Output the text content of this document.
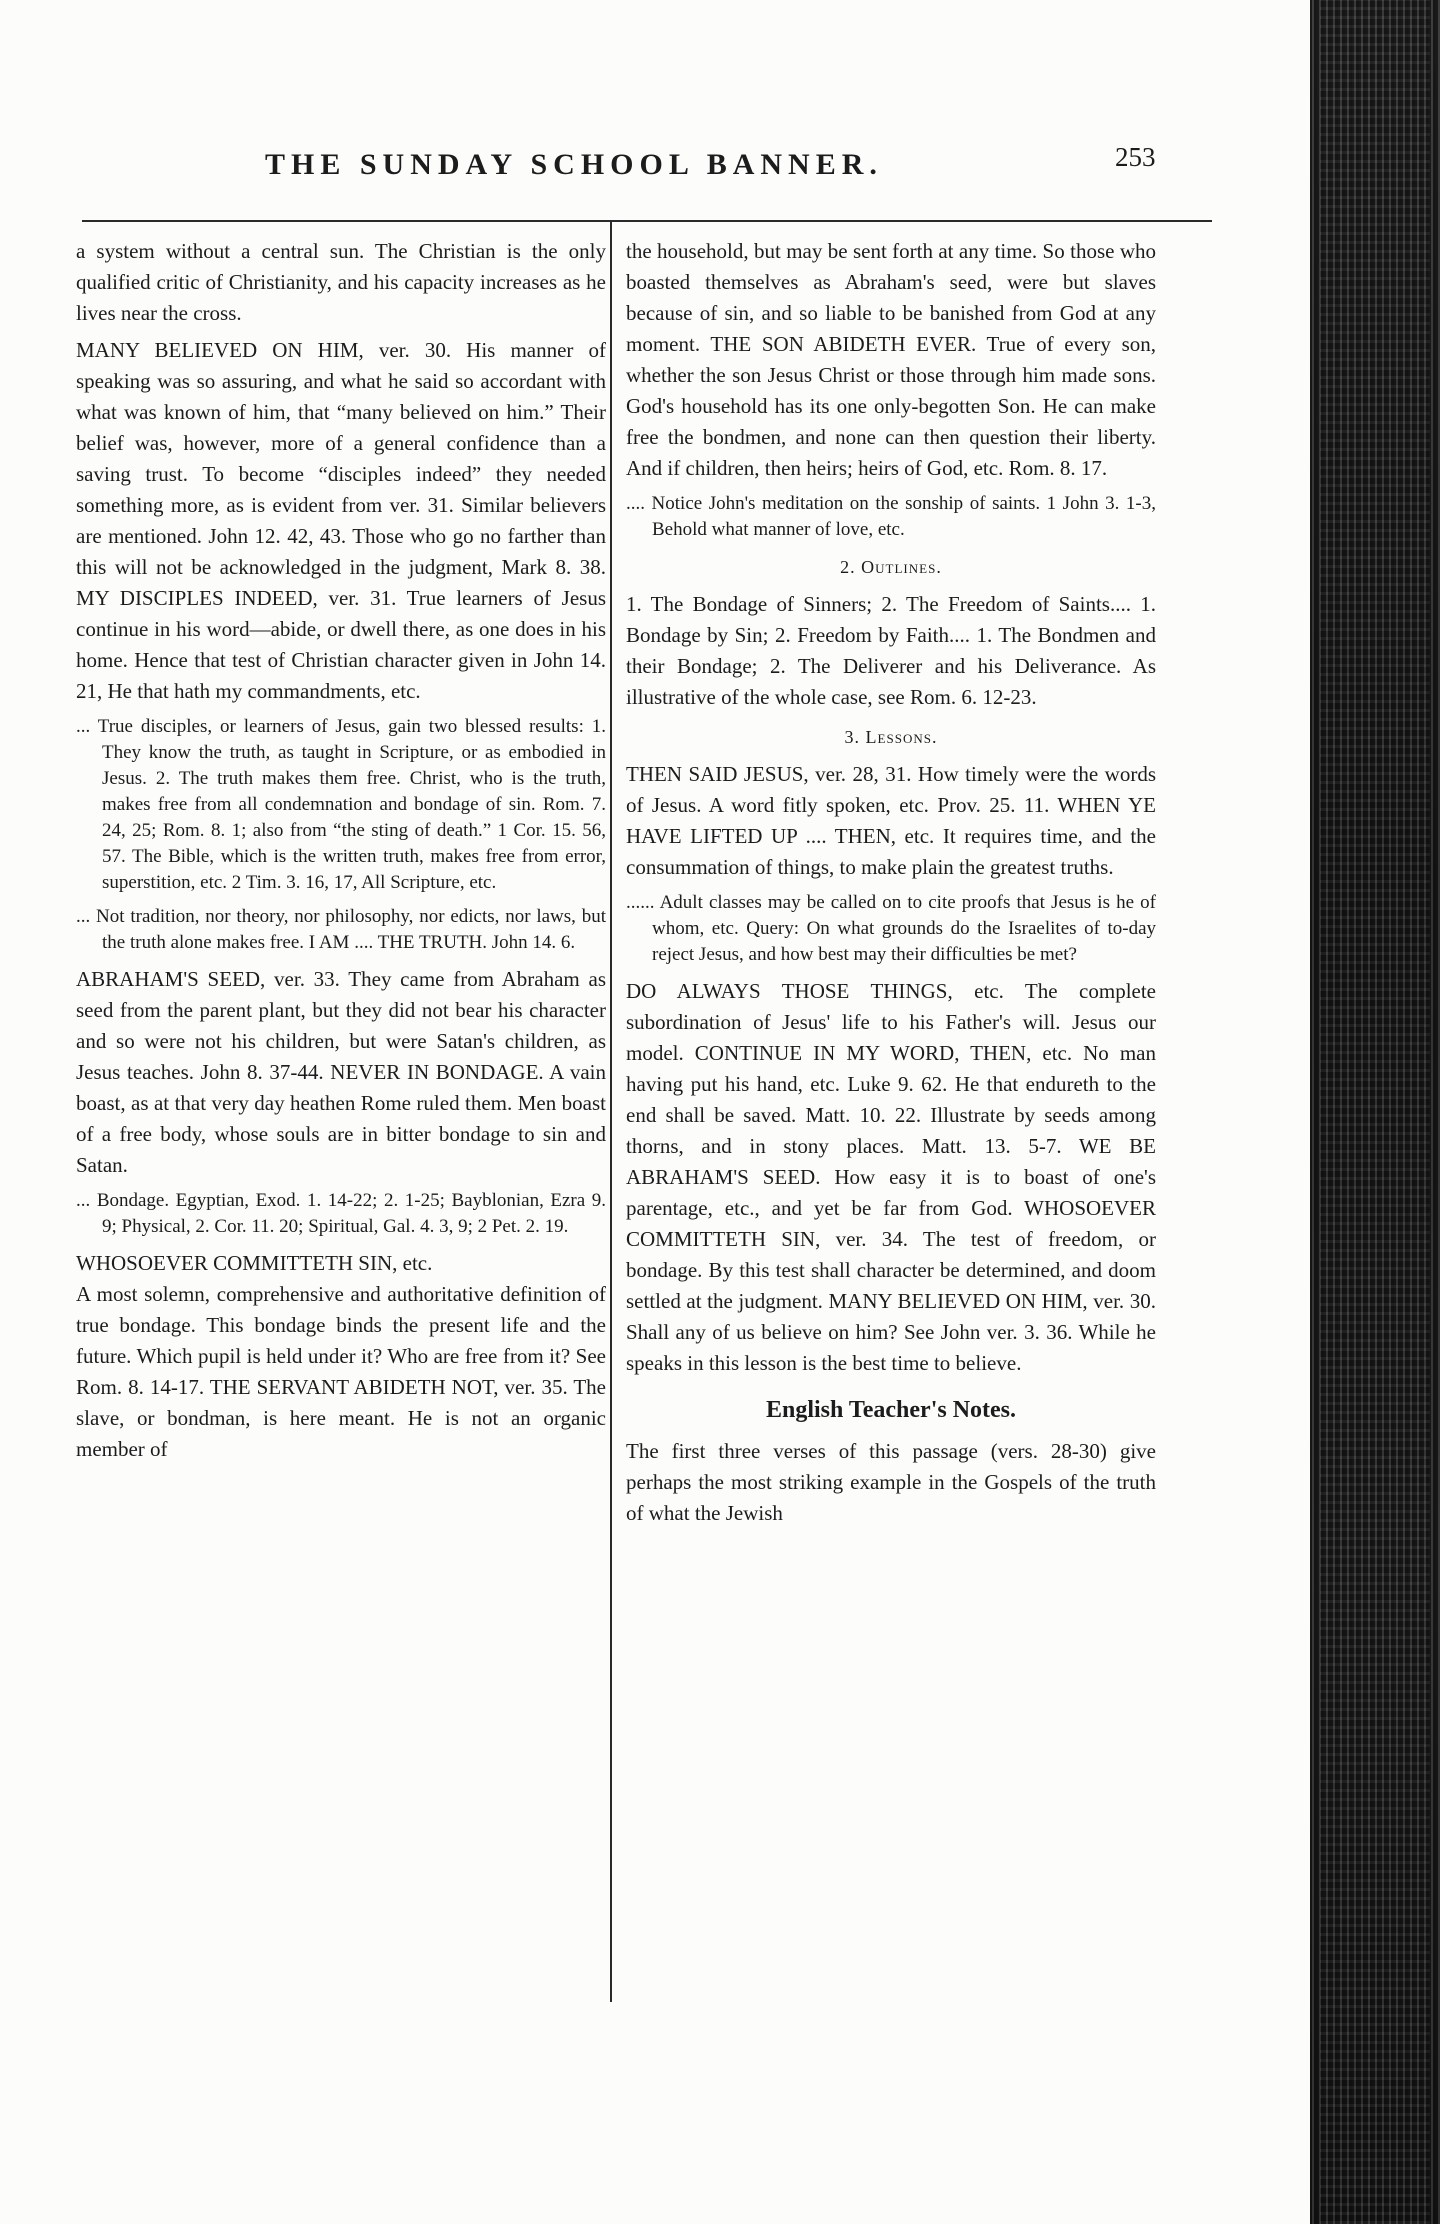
THE SUNDAY SCHOOL BANNER.	253

a system without a central sun. The Christian is the only qualified critic of Christianity, and his capacity increases as he lives near the cross.

MANY BELIEVED ON HIM, ver. 30. His manner of speaking was so assuring, and what he said so accordant with what was known of him, that “many believed on him.” Their belief was, however, more of a general confidence than a saving trust. To become “disciples indeed” they needed something more, as is evident from ver. 31. Similar believers are mentioned. John 12. 42, 43. Those who go no farther than this will not be acknowledged in the judgment, Mark 8. 38. MY DISCIPLES INDEED, ver. 31. True learners of Jesus continue in his word—abide, or dwell there, as one does in his home. Hence that test of Christian character given in John 14. 21, He that hath my commandments, etc.

... True disciples, or learners of Jesus, gain two blessed results: 1. They know the truth, as taught in Scripture, or as embodied in Jesus. 2. The truth makes them free. Christ, who is the truth, makes free from all condemnation and bondage of sin. Rom. 7. 24, 25; Rom. 8. 1; also from “the sting of death.” 1 Cor. 15. 56, 57. The Bible, which is the written truth, makes free from error, superstition, etc. 2 Tim. 3. 16, 17, All Scripture, etc.

... Not tradition, nor theory, nor philosophy, nor edicts, nor laws, but the truth alone makes free. I AM .... THE TRUTH. John 14. 6.

ABRAHAM'S SEED, ver. 33. They came from Abraham as seed from the parent plant, but they did not bear his character and so were not his children, but were Satan's children, as Jesus teaches. John 8. 37-44. NEVER IN BONDAGE. A vain boast, as at that very day heathen Rome ruled them. Men boast of a free body, whose souls are in bitter bondage to sin and Satan.

... Bondage. Egyptian, Exod. 1. 14-22; 2. 1-25; Bayblonian, Ezra 9. 9; Physical, 2. Cor. 11. 20; Spiritual, Gal. 4. 3, 9; 2 Pet. 2. 19.

WHOSOEVER COMMITTETH SIN, etc.

A most solemn, comprehensive and authoritative definition of true bondage. This bondage binds the present life and the future. Which pupil is held under it? Who are free from it? See Rom. 8. 14-17. THE SERVANT ABIDETH NOT, ver. 35. The slave, or bondman, is here meant. He is not an organic member of

the household, but may be sent forth at any time. So those who boasted themselves as Abraham's seed, were but slaves because of sin, and so liable to be banished from God at any moment. THE SON ABIDETH EVER. True of every son, whether the son Jesus Christ or those through him made sons. God's household has its one only-begotten Son. He can make free the bondmen, and none can then question their liberty. And if children, then heirs; heirs of God, etc. Rom. 8. 17.

.... Notice John's meditation on the sonship of saints. 1 John 3. 1-3, Behold what manner of love, etc.

2. Outlines.

1. The Bondage of Sinners; 2. The Freedom of Saints.... 1. Bondage by Sin; 2. Freedom by Faith.... 1. The Bondmen and their Bondage; 2. The Deliverer and his Deliverance. As illustrative of the whole case, see Rom. 6. 12-23.

3. Lessons.

THEN SAID JESUS, ver. 28, 31. How timely were the words of Jesus. A word fitly spoken, etc. Prov. 25. 11. WHEN YE HAVE LIFTED UP .... THEN, etc. It requires time, and the consummation of things, to make plain the greatest truths.

...... Adult classes may be called on to cite proofs that Jesus is he of whom, etc. Query: On what grounds do the Israelites of to-day reject Jesus, and how best may their difficulties be met?

DO ALWAYS THOSE THINGS, etc. The complete subordination of Jesus' life to his Father's will. Jesus our model. CONTINUE IN MY WORD, THEN, etc. No man having put his hand, etc. Luke 9. 62. He that endureth to the end shall be saved. Matt. 10. 22. Illustrate by seeds among thorns, and in stony places. Matt. 13. 5-7. WE BE ABRAHAM'S SEED. How easy it is to boast of one's parentage, etc., and yet be far from God. WHOSOEVER COMMITTETH SIN, ver. 34. The test of freedom, or bondage. By this test shall character be determined, and doom settled at the judgment. MANY BELIEVED ON HIM, ver. 30. Shall any of us believe on him? See John ver. 3. 36. While he speaks in this lesson is the best time to believe.

English Teacher's Notes.

The first three verses of this passage (vers. 28-30) give perhaps the most striking example in the Gospels of the truth of what the Jewish
